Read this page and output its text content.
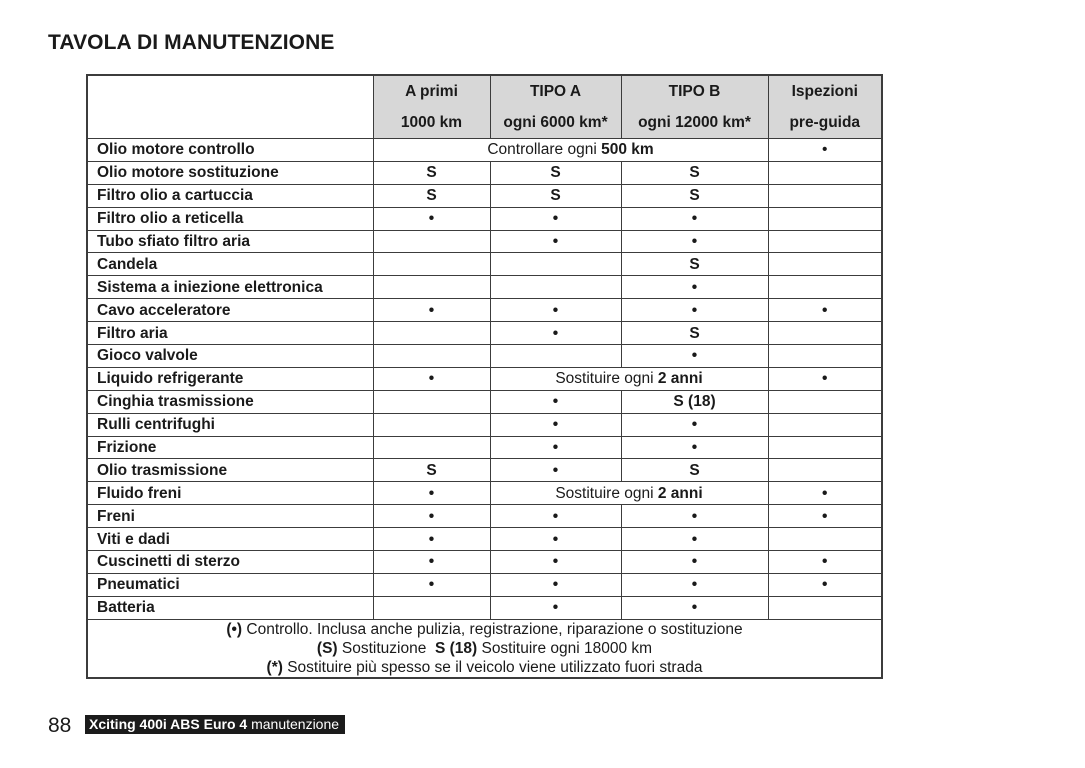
TAVOLA DI MANUTENZIONE
	A primi	TIPO A	TIPO B	Ispezioni
	1000 km	ogni 6000 km*	ogni 12000 km*	pre-guida
Olio motore controllo	Controllare ogni 500 km			•
Olio motore sostituzione	S	S	S	
Filtro olio a cartuccia	S	S	S	
Filtro olio a reticella	•	•	•	
Tubo sfiato filtro aria		•	•	
Candela			S	
Sistema a iniezione elettronica			•	
Cavo acceleratore	•	•	•	•
Filtro aria		•	S	
Gioco valvole			•	
Liquido refrigerante	•	Sostituire ogni 2 anni		•
Cinghia trasmissione		•	S (18)	
Rulli centrifughi		•	•	
Frizione		•	•	
Olio trasmissione	S	•	S	
Fluido freni	•	Sostituire ogni 2 anni		•
Freni	•	•	•	•
Viti e dadi	•	•	•	
Cuscinetti di sterzo	•	•	•	•
Pneumatici	•	•	•	•
Batteria		•	•	

(•) Controllo. Inclusa anche pulizia, registrazione, riparazione o sostituzione
(S) Sostituzione  S (18) Sostituire ogni 18000 km
(*) Sostituire più spesso se il veicolo viene utilizzato fuori strada				
88 Xciting 400i ABS Euro 4 manutenzione
